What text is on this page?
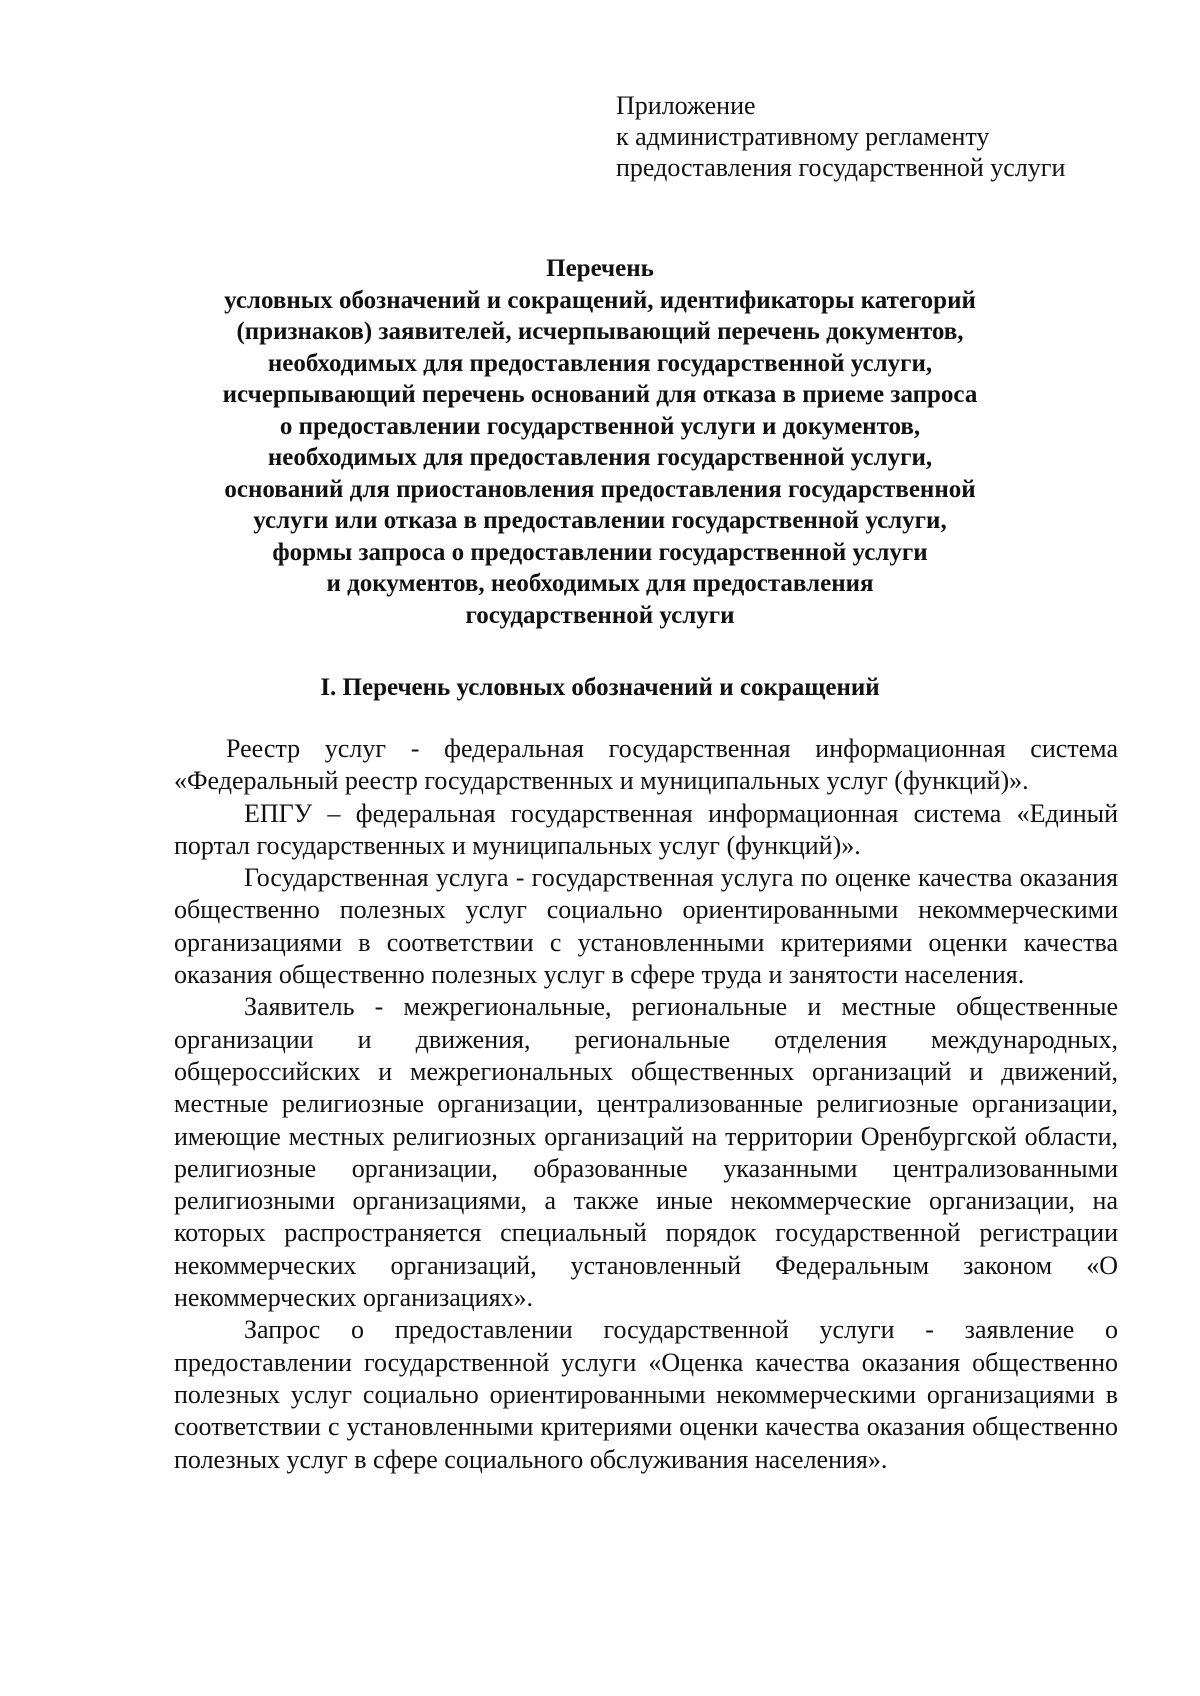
Приложение
к административному регламенту
предоставления государственной услуги
Перечень
условных обозначений и сокращений, идентификаторы категорий
(признаков) заявителей, исчерпывающий перечень документов,
необходимых для предоставления государственной услуги,
исчерпывающий перечень оснований для отказа в приеме запроса
о предоставлении государственной услуги и документов,
необходимых для предоставления государственной услуги,
оснований для приостановления предоставления государственной
услуги или отказа в предоставлении государственной услуги,
формы запроса о предоставлении государственной услуги
и документов, необходимых для предоставления
государственной услуги
I. Перечень условных обозначений и сокращений

Реестр услуг - федеральная государственная информационная система «Федеральный реестр государственных и муниципальных услуг (функций)».

ЕПГУ – федеральная государственная информационная система «Единый портал государственных и муниципальных услуг (функций)».

Государственная услуга - государственная услуга по оценке качества оказания общественно полезных услуг социально ориентированными некоммерческими организациями в соответствии с установленными критериями оценки качества оказания общественно полезных услуг в сфере труда и занятости населения.

Заявитель - межрегиональные, региональные и местные общественные организации и движения, региональные отделения международных, общероссийских и межрегиональных общественных организаций и движений, местные религиозные организации, централизованные религиозные организации, имеющие местных религиозных организаций на территории Оренбургской области, религиозные организации, образованные указанными централизованными религиозными организациями, а также иные некоммерческие организации, на которых распространяется специальный порядок государственной регистрации некоммерческих организаций, установленный Федеральным законом «О некоммерческих организациях».

Запрос о предоставлении государственной услуги - заявление о предоставлении государственной услуги «Оценка качества оказания общественно полезных услуг социально ориентированными некоммерческими организациями в соответствии с установленными критериями оценки качества оказания общественно полезных услуг в сфере социального обслуживания населения».
